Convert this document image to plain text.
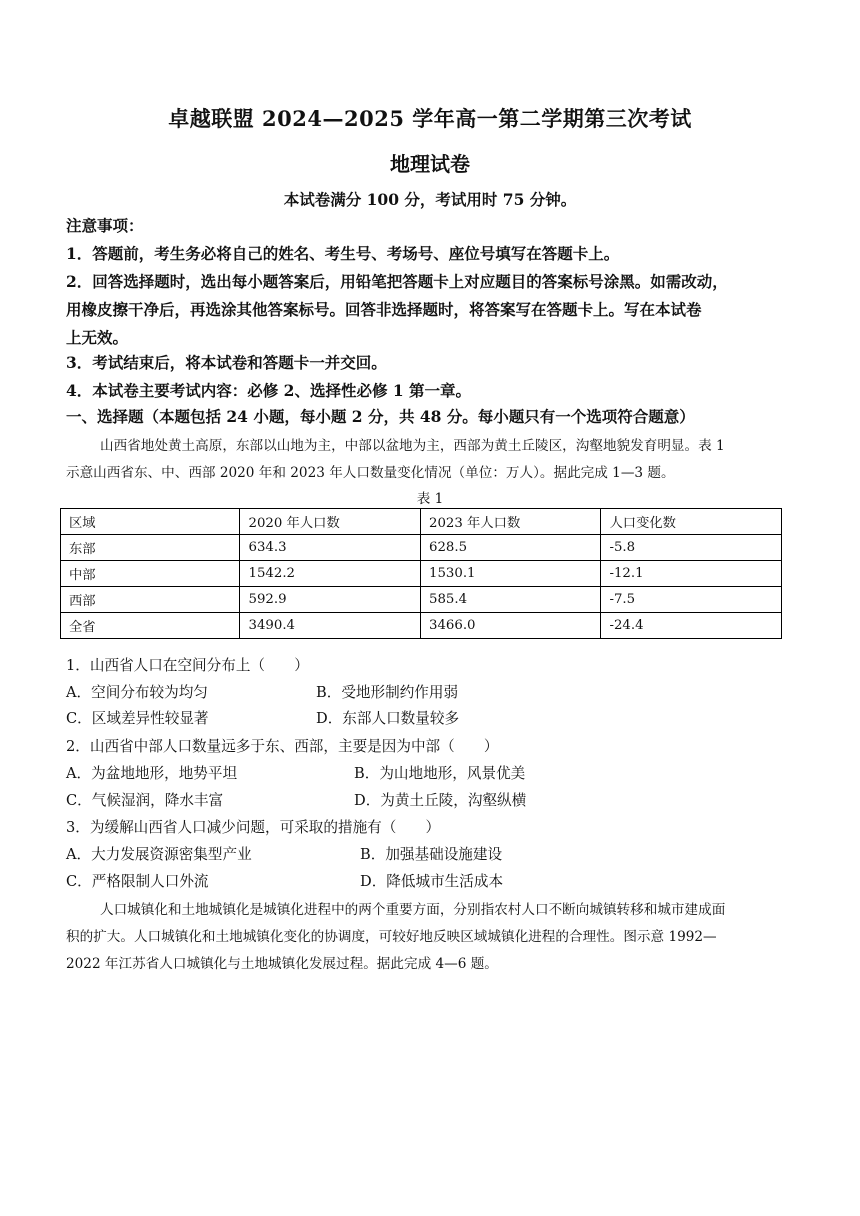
卓越联盟 2024—2025 学年高一第二学期第三次考试
地理试卷
本试卷满分 100 分，考试用时 75 分钟。
注意事项：
1．答题前，考生务必将自己的姓名、考生号、考场号、座位号填写在答题卡上。
2．回答选择题时，选出每小题答案后，用铅笔把答题卡上对应题目的答案标号涂黑。如需改动，
用橡皮擦干净后，再选涂其他答案标号。回答非选择题时，将答案写在答题卡上。写在本试卷
上无效。
3．考试结束后，将本试卷和答题卡一并交回。
4．本试卷主要考试内容：必修 2、选择性必修 1 第一章。
一、选择题（本题包括 24 小题，每小题 2 分，共 48 分。每小题只有一个选项符合题意）
山西省地处黄土高原，东部以山地为主，中部以盆地为主，西部为黄土丘陵区，沟壑地貌发育明显。表 1
示意山西省东、中、西部 2020 年和 2023 年人口数量变化情况（单位：万人）。据此完成 1—3 题。
表 1
区域	2020 年人口数	2023 年人口数	人口变化数
东部	634.3	628.5	-5.8
中部	1542.2	1530.1	-12.1
西部	592.9	585.4	-7.5
全省	3490.4	3466.0	-24.4
1．山西省人口在空间分布上（　　）
A．空间分布较为均匀	B．受地形制约作用弱
C．区域差异性较显著	D．东部人口数量较多
2．山西省中部人口数量远多于东、西部，主要是因为中部（　　）
A．为盆地地形，地势平坦	B．为山地地形，风景优美
C．气候湿润，降水丰富	D．为黄土丘陵，沟壑纵横
3．为缓解山西省人口减少问题，可采取的措施有（　　）
A．大力发展资源密集型产业	B．加强基础设施建设
C．严格限制人口外流	D．降低城市生活成本
人口城镇化和土地城镇化是城镇化进程中的两个重要方面，分别指农村人口不断向城镇转移和城市建成面
积的扩大。人口城镇化和土地城镇化变化的协调度，可较好地反映区域城镇化进程的合理性。图示意 1992—
2022 年江苏省人口城镇化与土地城镇化发展过程。据此完成 4—6 题。
